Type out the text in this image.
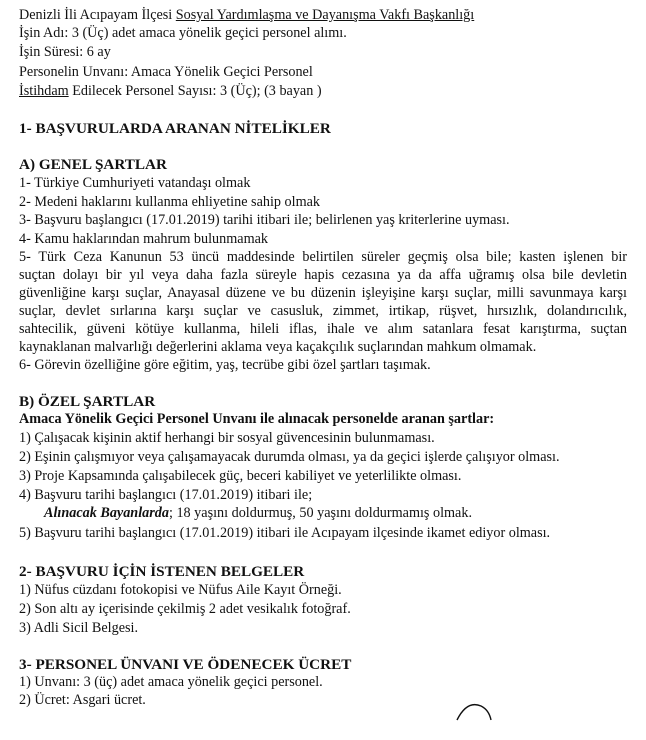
Denizli İli Acıpayam İlçesi Sosyal Yardımlaşma ve Dayanışma Vakfı Başkanlığı
İşin Adı: 3 (Üç) adet amaca yönelik geçici personel alımı.
İşin Süresi: 6 ay
Personelin Unvanı: Amaca Yönelik Geçici Personel
İstihdam Edilecek Personel Sayısı: 3 (Üç); (3 bayan )
1- BAŞVURULARDA ARANAN NİTELİKLER
A) GENEL ŞARTLAR
1- Türkiye Cumhuriyeti vatandaşı olmak
2- Medeni haklarını kullanma ehliyetine sahip olmak
3- Başvuru başlangıcı (17.01.2019) tarihi itibari ile; belirlenen yaş kriterlerine uyması.
4- Kamu haklarından mahrum bulunmamak
5- Türk Ceza Kanunun 53 üncü maddesinde belirtilen süreler geçmiş olsa bile; kasten işlenen bir
suçtan dolayı bir yıl veya daha fazla süreyle hapis cezasına ya da affa uğramış olsa bile devletin
güvenliğine karşı suçlar, Anayasal düzene ve bu düzenin işleyişine karşı suçlar, milli savunmaya karşı
suçlar, devlet sırlarına karşı suçlar ve casusluk, zimmet, irtikap, rüşvet, hırsızlık, dolandırıcılık,
sahtecilik, güveni kötüye kullanma, hileli iflas, ihale ve alım satanlara fesat karıştırma, suçtan
kaynaklanan malvarlığı değerlerini aklama veya kaçakçılık suçlarından mahkum olmamak.
6- Görevin özelliğine göre eğitim, yaş, tecrübe gibi özel şartları taşımak.
B) ÖZEL ŞARTLAR
Amaca Yönelik Geçici Personel Unvanı ile alınacak personelde aranan şartlar:
1) Çalışacak kişinin aktif herhangi bir sosyal güvencesinin bulunmaması.
2) Eşinin çalışmıyor veya çalışamayacak durumda olması, ya da geçici işlerde çalışıyor olması.
3) Proje Kapsamında çalışabilecek güç, beceri kabiliyet ve yeterlilikte olması.
4) Başvuru tarihi başlangıcı (17.01.2019) itibari ile;
Alınacak Bayanlarda; 18 yaşını doldurmuş, 50 yaşını doldurmamış olmak.
5) Başvuru tarihi başlangıcı (17.01.2019) itibari ile Acıpayam ilçesinde ikamet ediyor olması.
2- BAŞVURU İÇİN İSTENEN BELGELER
1) Nüfus cüzdanı fotokopisi ve Nüfus Aile Kayıt Örneği.
2) Son altı ay içerisinde çekilmiş 2 adet vesikalık fotoğraf.
3) Adli Sicil Belgesi.
3- PERSONEL ÜNVANI VE ÖDENECEK ÜCRET
1) Unvanı: 3 (üç) adet amaca yönelik geçici personel.
2) Ücret: Asgari ücret.
